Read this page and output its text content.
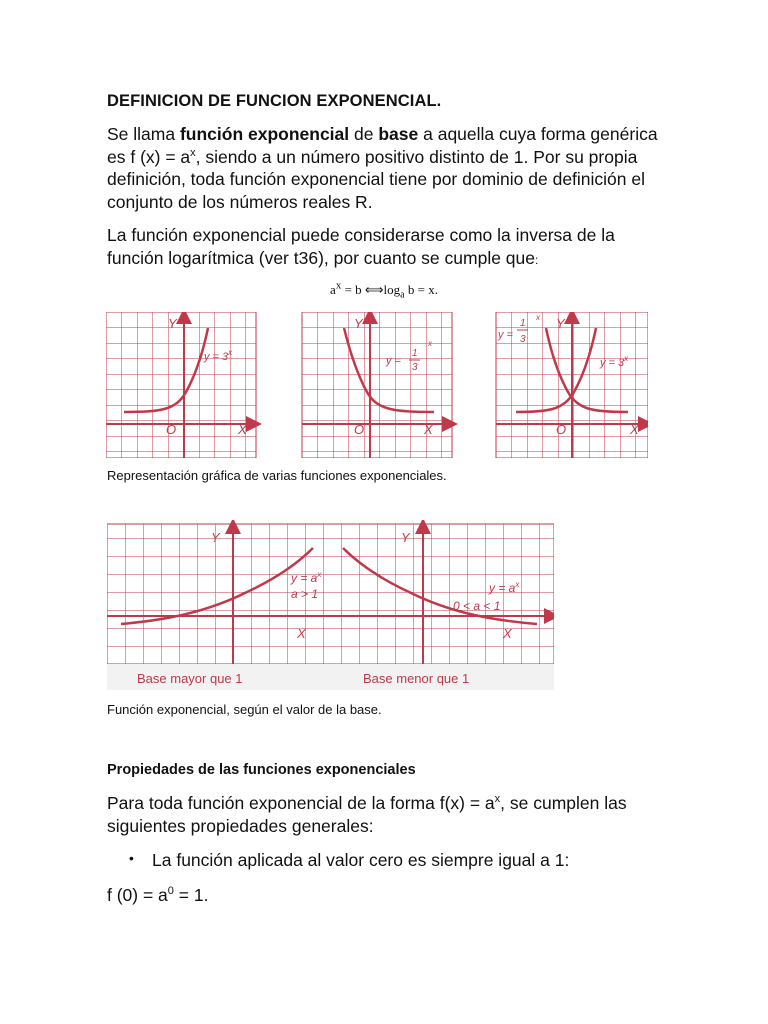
DEFINICION DE FUNCION EXPONENCIAL.
Se llama función exponencial de base a aquella cuya forma genérica es f $(x) = a^x$, siendo a un número positivo distinto de 1. Por su propia definición, toda función exponencial tiene por dominio de definición el conjunto de los números reales R.
La función exponencial puede considerarse como la inversa de la función logarítmica (ver t36), por cuanto se cumple que:
$a^x = b$ $⟺\log_a$ b = x.
Y
X
O
$y = 3^x$
Y
X
O
y =
1
3
x
Y
X
O
y =
1
3
x
$y = 3^x$
Representación gráfica de varias funciones exponenciales.
Y
X
Y
X
$y = a^x$
a > 1	$y = a^x$
0 < a < 1
Base mayor que 1	Base menor que 1
Función exponencial, según el valor de la base.
Propiedades de las funciones exponenciales
Para toda función exponencial de la forma $f(x) = a^x$, se cumplen las siguientes propiedades generales:
• La función aplicada al valor cero es siempre igual a 1:
f $(0) = a^0 = 1$.
